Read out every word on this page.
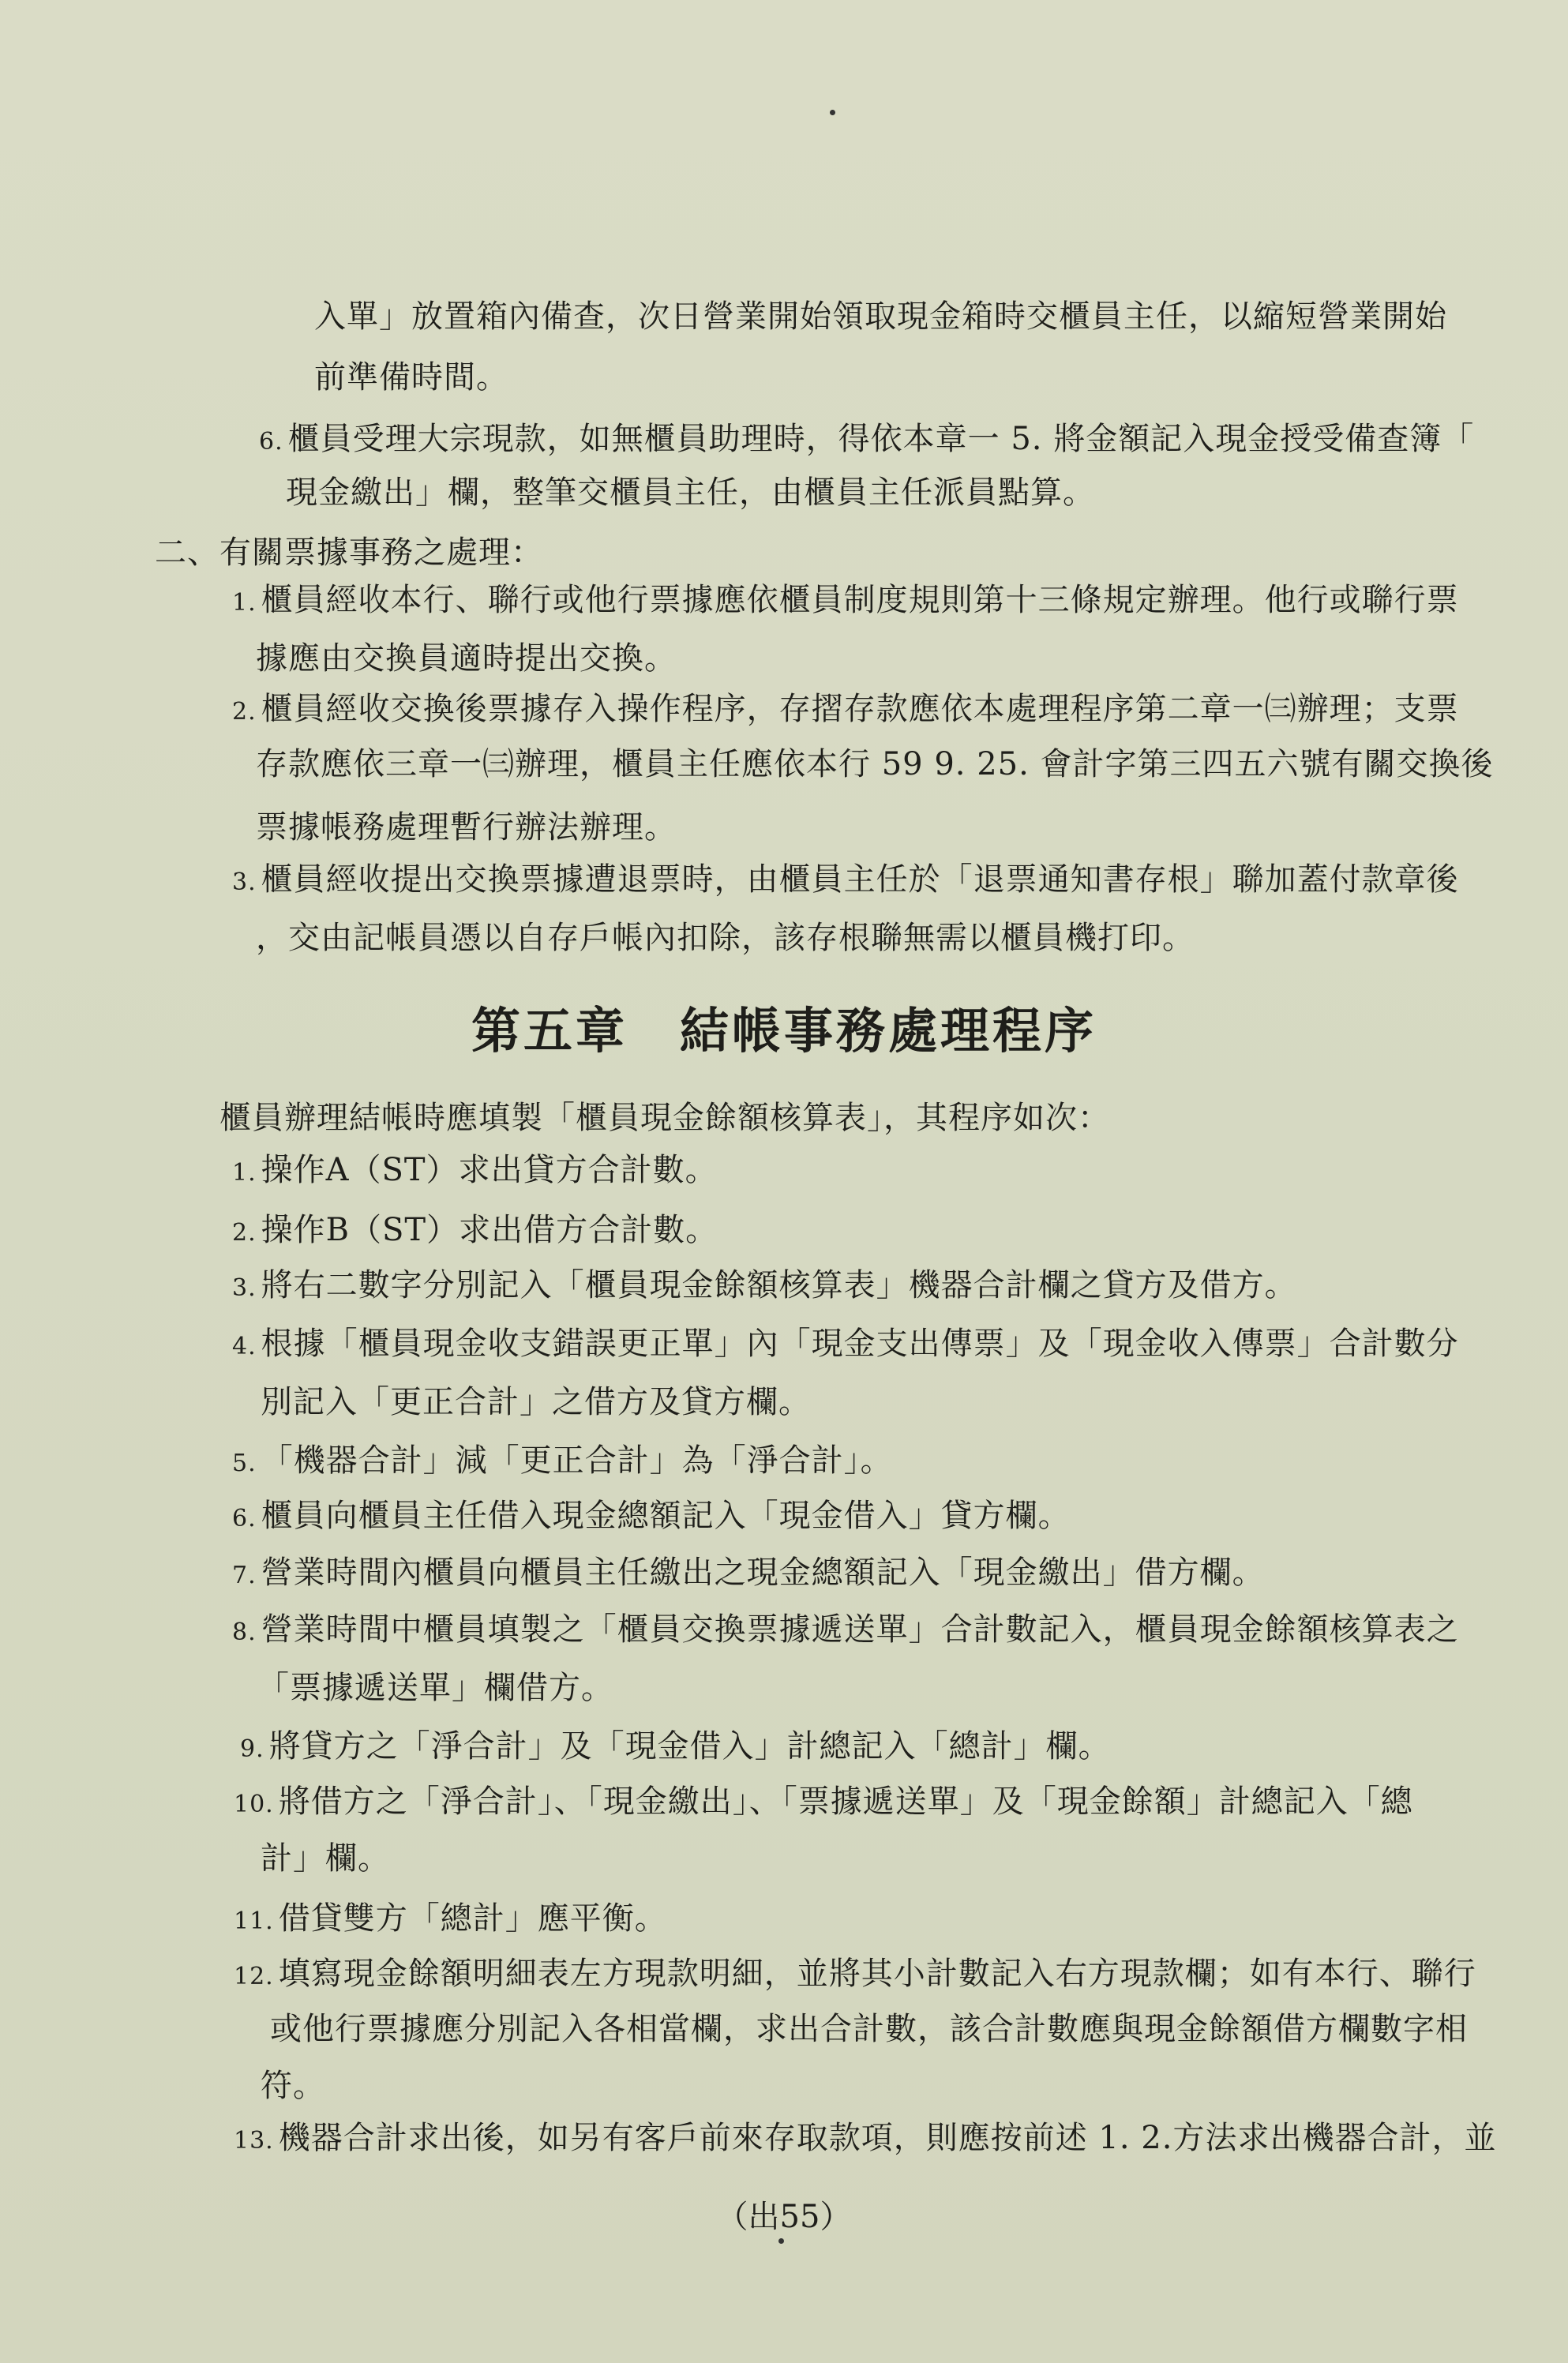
入單」放置箱內備查，次日營業開始領取現金箱時交櫃員主任，以縮短營業開始
前準備時間。
6. 櫃員受理大宗現款，如無櫃員助理時，得依本章一 5. 將金額記入現金授受備查簿「
現金繳出」欄，整筆交櫃員主任，由櫃員主任派員點算。
二、有關票據事務之處理：
1. 櫃員經收本行、聯行或他行票據應依櫃員制度規則第十三條規定辦理。他行或聯行票
據應由交換員適時提出交換。
2. 櫃員經收交換後票據存入操作程序，存摺存款應依本處理程序第二章一㈢辦理；支票
存款應依三章一㈢辦理，櫃員主任應依本行 59 9. 25. 會計字第三四五六號有關交換後
票據帳務處理暫行辦法辦理。
3. 櫃員經收提出交換票據遭退票時，由櫃員主任於「退票通知書存根」聯加蓋付款章後
，交由記帳員憑以自存戶帳內扣除，該存根聯無需以櫃員機打印。
第五章　結帳事務處理程序
櫃員辦理結帳時應填製「櫃員現金餘額核算表」，其程序如次：
1. 操作A（ST）求出貸方合計數。
2. 操作B（ST）求出借方合計數。
3. 將右二數字分別記入「櫃員現金餘額核算表」機器合計欄之貸方及借方。
4. 根據「櫃員現金收支錯誤更正單」內「現金支出傳票」及「現金收入傳票」合計數分
別記入「更正合計」之借方及貸方欄。
5. 「機器合計」減「更正合計」為「淨合計」。
6. 櫃員向櫃員主任借入現金總額記入「現金借入」貸方欄。
7. 營業時間內櫃員向櫃員主任繳出之現金總額記入「現金繳出」借方欄。
8. 營業時間中櫃員填製之「櫃員交換票據遞送單」合計數記入，櫃員現金餘額核算表之
「票據遞送單」欄借方。
9. 將貸方之「淨合計」及「現金借入」計總記入「總計」欄。
10. 將借方之「淨合計」、「現金繳出」、「票據遞送單」及「現金餘額」計總記入「總
計」欄。
11. 借貸雙方「總計」應平衡。
12. 填寫現金餘額明細表左方現款明細，並將其小計數記入右方現款欄；如有本行、聯行
或他行票據應分別記入各相當欄，求出合計數，該合計數應與現金餘額借方欄數字相
符。
13. 機器合計求出後，如另有客戶前來存取款項，則應按前述 1. 2.方法求出機器合計，並
（出55）
